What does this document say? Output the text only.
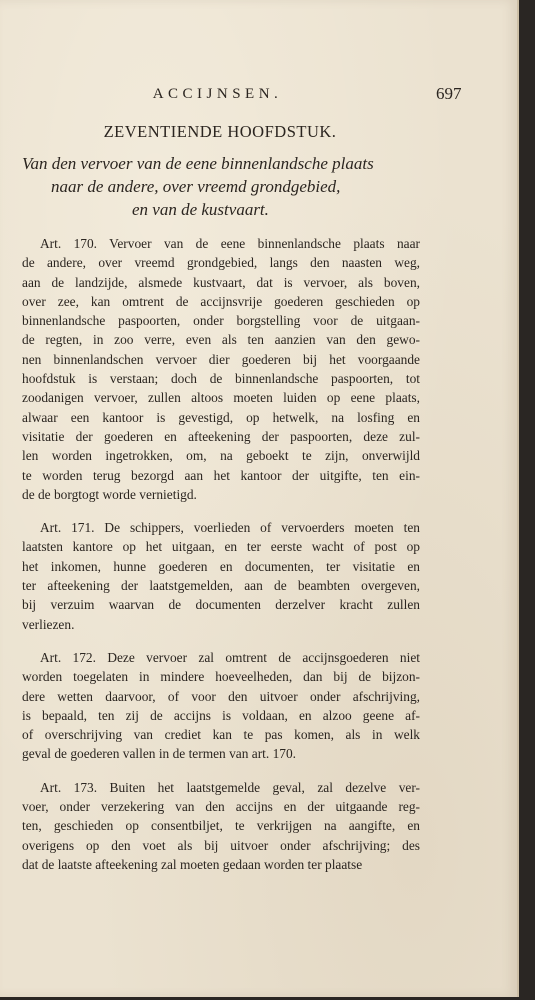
ACCIJNSEN.	697
ZEVENTIENDE HOOFDSTUK.

Van den vervoer van de eene binnenlandsche plaats
naar de andere, over vreemd grondgebied,
en van de kustvaart.

Art. 170. Vervoer van de eene binnenlandsche plaats naar
de andere, over vreemd grondgebied, langs den naasten weg,
aan de landzijde, alsmede kustvaart, dat is vervoer, als boven,
over zee, kan omtrent de accijnsvrije goederen geschieden op
binnenlandsche paspoorten, onder borgstelling voor de uitgaan-
de regten, in zoo verre, even als ten aanzien van den gewo-
nen binnenlandschen vervoer dier goederen bij het voorgaande
hoofdstuk is verstaan; doch de binnenlandsche paspoorten, tot
zoodanigen vervoer, zullen altoos moeten luiden op eene plaats,
alwaar een kantoor is gevestigd, op hetwelk, na losfing en
visitatie der goederen en afteekening der paspoorten, deze zul-
len worden ingetrokken, om, na geboekt te zijn, onverwijld
te worden terug bezorgd aan het kantoor der uitgifte, ten ein-
de de borgtogt worde vernietigd.

Art. 171. De schippers, voerlieden of vervoerders moeten ten
laatsten kantore op het uitgaan, en ter eerste wacht of post op
het inkomen, hunne goederen en documenten, ter visitatie en
ter afteekening der laatstgemelden, aan de beambten overgeven,
bij verzuim waarvan de documenten derzelver kracht zullen
verliezen.

Art. 172. Deze vervoer zal omtrent de accijnsgoederen niet
worden toegelaten in mindere hoeveelheden, dan bij de bijzon-
dere wetten daarvoor, of voor den uitvoer onder afschrijving,
is bepaald, ten zij de accijns is voldaan, en alzoo geene af-
of overschrijving van crediet kan te pas komen, als in welk
geval de goederen vallen in de termen van art. 170.

Art. 173. Buiten het laatstgemelde geval, zal dezelve ver-
voer, onder verzekering van den accijns en der uitgaande reg-
ten, geschieden op consentbiljet, te verkrijgen na aangifte, en
overigens op den voet als bij uitvoer onder afschrijving; des
dat de laatste afteekening zal moeten gedaan worden ter plaatse
